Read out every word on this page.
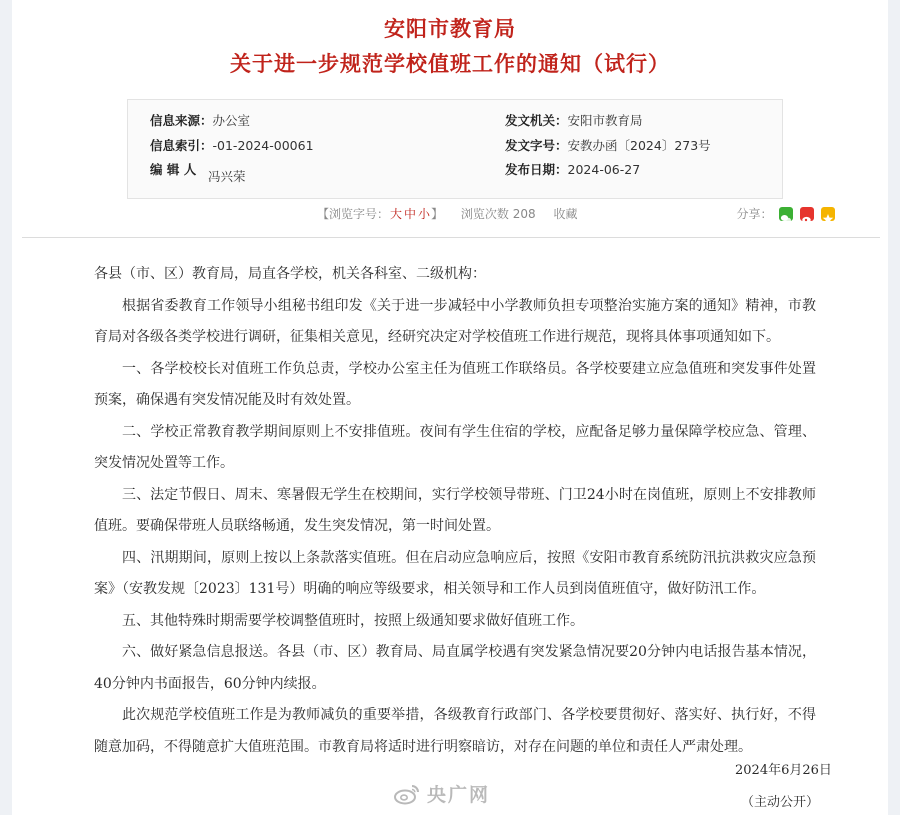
安阳市教育局
关于进一步规范学校值班工作的通知（试行）
信息来源：办公室
信息索引：-01-2024-00061
编 辑 人 冯兴荣
发文机关：安阳市教育局
发文字号：安教办函〔2024〕273号
发布日期：2024-06-27
【浏览字号：大 中 小】 浏览次数 208 收藏	分享：

各县（市、区）教育局，局直各学校，机关各科室、二级机构：

根据省委教育工作领导小组秘书组印发《关于进一步减轻中小学教师负担专项整治实施方案的通知》精神，市教育局对各级各类学校进行调研，征集相关意见，经研究决定对学校值班工作进行规范，现将具体事项通知如下。

一、各学校校长对值班工作负总责，学校办公室主任为值班工作联络员。各学校要建立应急值班和突发事件处置预案，确保遇有突发情况能及时有效处置。

二、学校正常教育教学期间原则上不安排值班。夜间有学生住宿的学校，应配备足够力量保障学校应急、管理、突发情况处置等工作。

三、法定节假日、周末、寒暑假无学生在校期间，实行学校领导带班、门卫24小时在岗值班，原则上不安排教师值班。要确保带班人员联络畅通，发生突发情况，第一时间处置。

四、汛期期间，原则上按以上条款落实值班。但在启动应急响应后，按照《安阳市教育系统防汛抗洪救灾应急预案》（安教发规〔2023〕131号）明确的响应等级要求，相关领导和工作人员到岗值班值守，做好防汛工作。

五、其他特殊时期需要学校调整值班时，按照上级通知要求做好值班工作。

六、做好紧急信息报送。各县（市、区）教育局、局直属学校遇有突发紧急情况要20分钟内电话报告基本情况，40分钟内书面报告，60分钟内续报。

此次规范学校值班工作是为教师减负的重要举措，各级教育行政部门、各学校要贯彻好、落实好、执行好，不得随意加码，不得随意扩大值班范围。市教育局将适时进行明察暗访，对存在问题的单位和责任人严肃处理。

2024年6月26日
（主动公开）
央广网
